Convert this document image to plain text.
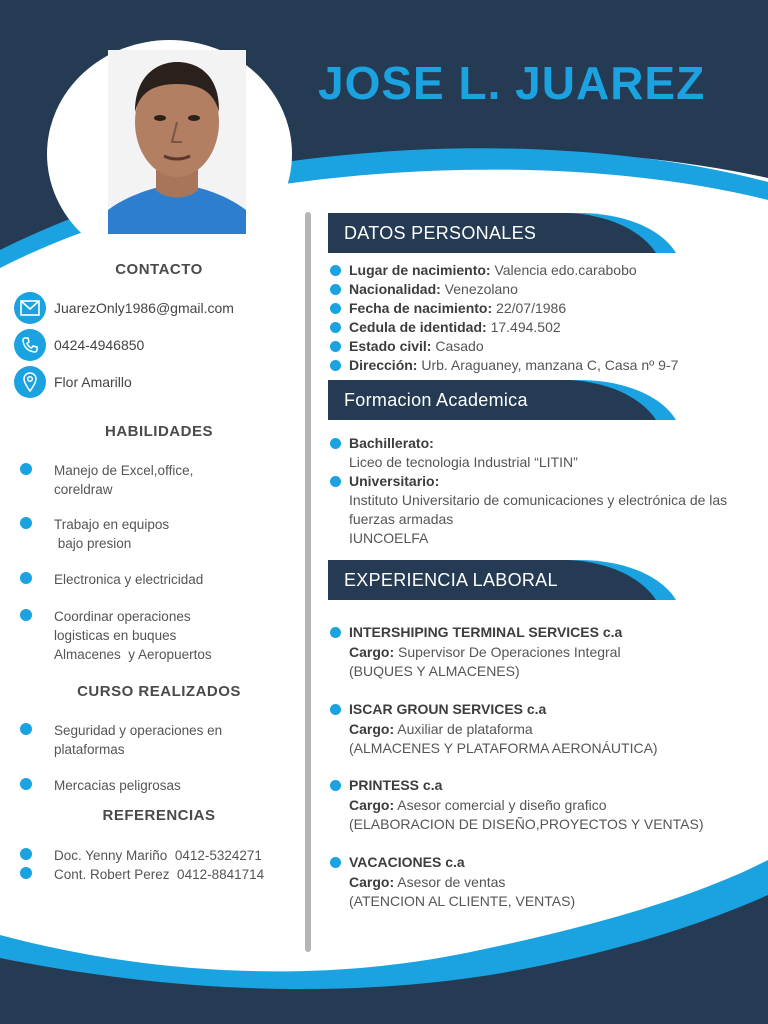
JOSE L. JUAREZ
CONTACTO
JuarezOnly1986@gmail.com
0424-4946850
Flor Amarillo
HABILIDADES
Manejo de Excel,office,
coreldraw
Trabajo en equipos
bajo presion
Electronica y electricidad
Coordinar operaciones
logisticas en buques
Almacenes  y Aeropuertos
CURSO REALIZADOS
Seguridad y operaciones en
plataformas
Mercacias peligrosas
REFERENCIAS
Doc. Yenny Mariño  0412-5324271
Cont. Robert Perez  0412-8841714
DATOS PERSONALES
Lugar de nacimiento: Valencia edo.carabobo
Nacionalidad: Venezolano
Fecha de nacimiento: 22/07/1986
Cedula de identidad: 17.494.502
Estado civil: Casado
Dirección: Urb. Araguaney, manzana C, Casa nº 9-7
Formacion Academica
Bachillerato:
Liceo de tecnologia Industrial “LITIN”
Universitario:
Instituto Universitario de comunicaciones y electrónica de las
fuerzas armadas
IUNCOELFA
EXPERIENCIA LABORAL
INTERSHIPING TERMINAL SERVICES c.a
Cargo: Supervisor De Operaciones Integral
(BUQUES Y ALMACENES)
ISCAR GROUN SERVICES c.a
Cargo: Auxiliar de plataforma
(ALMACENES Y PLATAFORMA AERONÁUTICA)
PRINTESS c.a
Cargo: Asesor comercial y diseño grafico
(ELABORACION DE DISEÑO,PROYECTOS Y VENTAS)
VACACIONES c.a
Cargo: Asesor de ventas
(ATENCION AL CLIENTE, VENTAS)
